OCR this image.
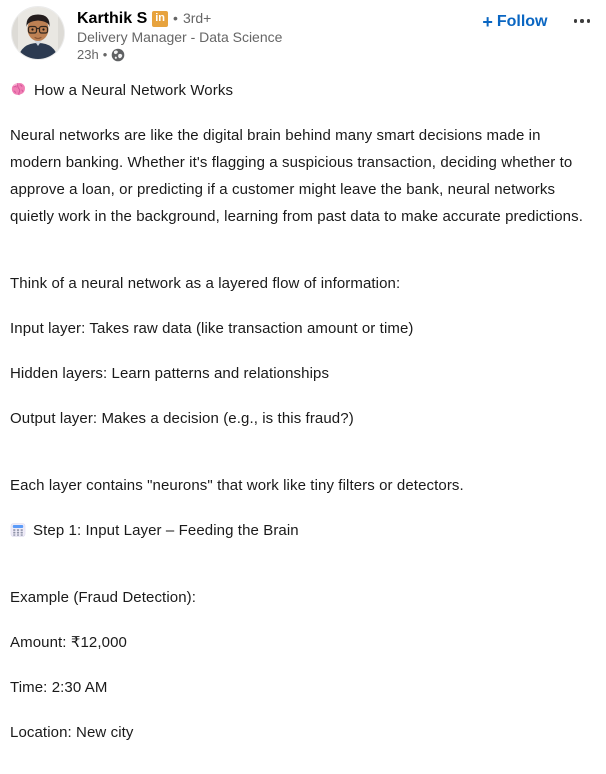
Karthik S in • 3rd+
Delivery Manager - Data Science
23h •
+ Follow
How a Neural Network Works
Neural networks are like the digital brain behind many smart decisions made in modern banking. Whether it's flagging a suspicious transaction, deciding whether to approve a loan, or predicting if a customer might leave the bank, neural networks quietly work in the background, learning from past data to make accurate predictions.
Think of a neural network as a layered flow of information:
Input layer: Takes raw data (like transaction amount or time)
Hidden layers: Learn patterns and relationships
Output layer: Makes a decision (e.g., is this fraud?)
Each layer contains "neurons" that work like tiny filters or detectors.
Step 1: Input Layer – Feeding the Brain
Example (Fraud Detection):
Amount: ₹12,000
Time: 2:30 AM
Location: New city
